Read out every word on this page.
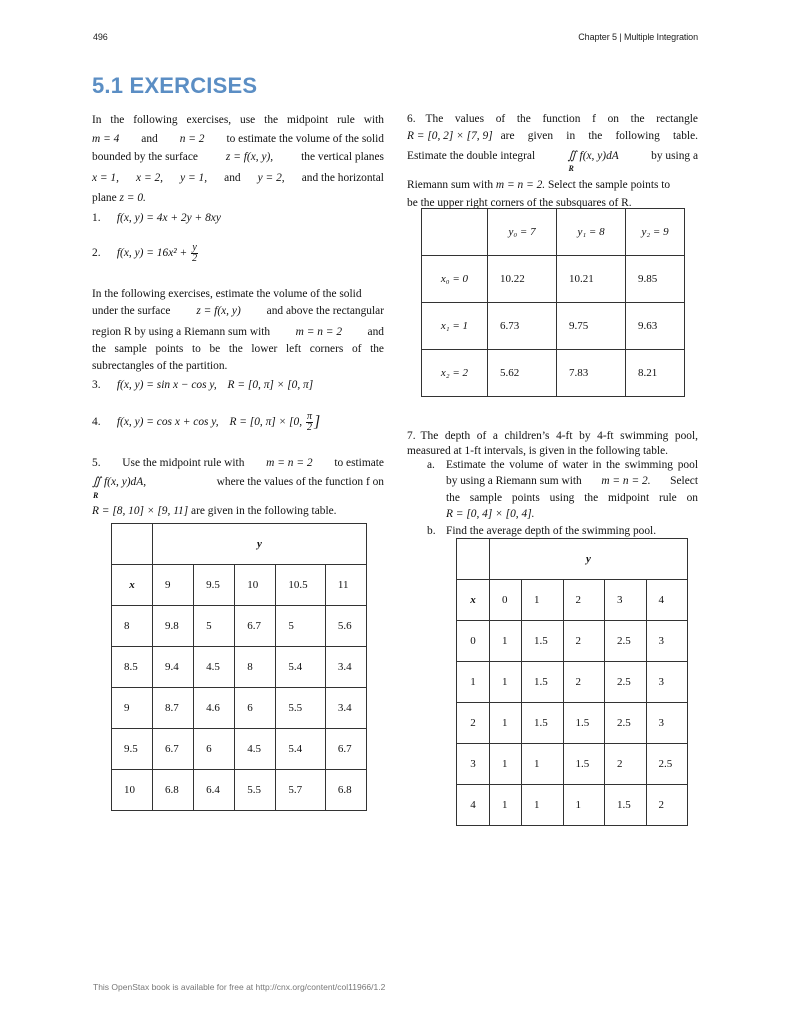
496	Chapter 5 | Multiple Integration
5.1 EXERCISES
In the following exercises, use the midpoint rule with
m = 4 and n = 2 to estimate the volume of the solid
bounded by the surface z = f(x, y), the vertical planes
x = 1, x = 2, y = 1, and y = 2, and the horizontal
plane z = 0.
1. f(x, y) = 4x + 2y + 8xy
2. f(x, $y) = 16x^2 + \frac{y}{2}$
In the following exercises, estimate the volume of the solid
under the surface z = f(x, y) and above the rectangular
region R by using a Riemann sum with m = n = 2 and
the sample points to be the lower left corners of the
subrectangles of the partition.
3. f(x, y) = sin x − cos y, R = [0, π] × [0, π]
4. f(x, y) = cos x + cos y, R = [0, π] × [0, $\frac{\pi}{2}$ ]
5. Use the midpoint rule with m = n = 2 to estimate
∬
R
f(x, y)dA,	where the values of the function f on
R = [8, 10] × [9, 11] are given in the following table.
	y				
x	9	9.5	10	10.5	11
8	9.8	5	6.7	5	5.6
8.5	9.4	4.5	8	5.4	3.4
9	8.7	4.6	6	5.5	3.4
9.5	6.7	6	4.5	5.4	6.7
10	6.8	6.4	5.5	5.7	6.8
6. The values of the function f on the rectangle
R = [0, 2] × [7, 9] are given in the following table.
Estimate the double integral	∬
R
f(x, y)dA	by using a
Riemann sum with m = n = 2. Select the sample points to
be the upper right corners of the subsquares of R.
	y₀ = 7	y₁ = 8	y₂ = 9
x₀ = 0	10.22	10.21	9.85
x₁ = 1	6.73	9.75	9.63
x₂ = 2	5.62	7.83	8.21
7. The depth of a children’s 4-ft by 4-ft swimming pool,
measured at 1-ft intervals, is given in the following table.
a. Estimate the volume of water in the swimming pool
by using a Riemann sum with m = n = 2. Select
the sample points using the midpoint rule on
R = [0, 4] × [0, 4].
b. Find the average depth of the swimming pool.
	y				
x	0	1	2	3	4
0	1	1.5	2	2.5	3
1	1	1.5	2	2.5	3
2	1	1.5	1.5	2.5	3
3	1	1	1.5	2	2.5
4	1	1	1	1.5	2
This OpenStax book is available for free at http://cnx.org/content/col11966/1.2
